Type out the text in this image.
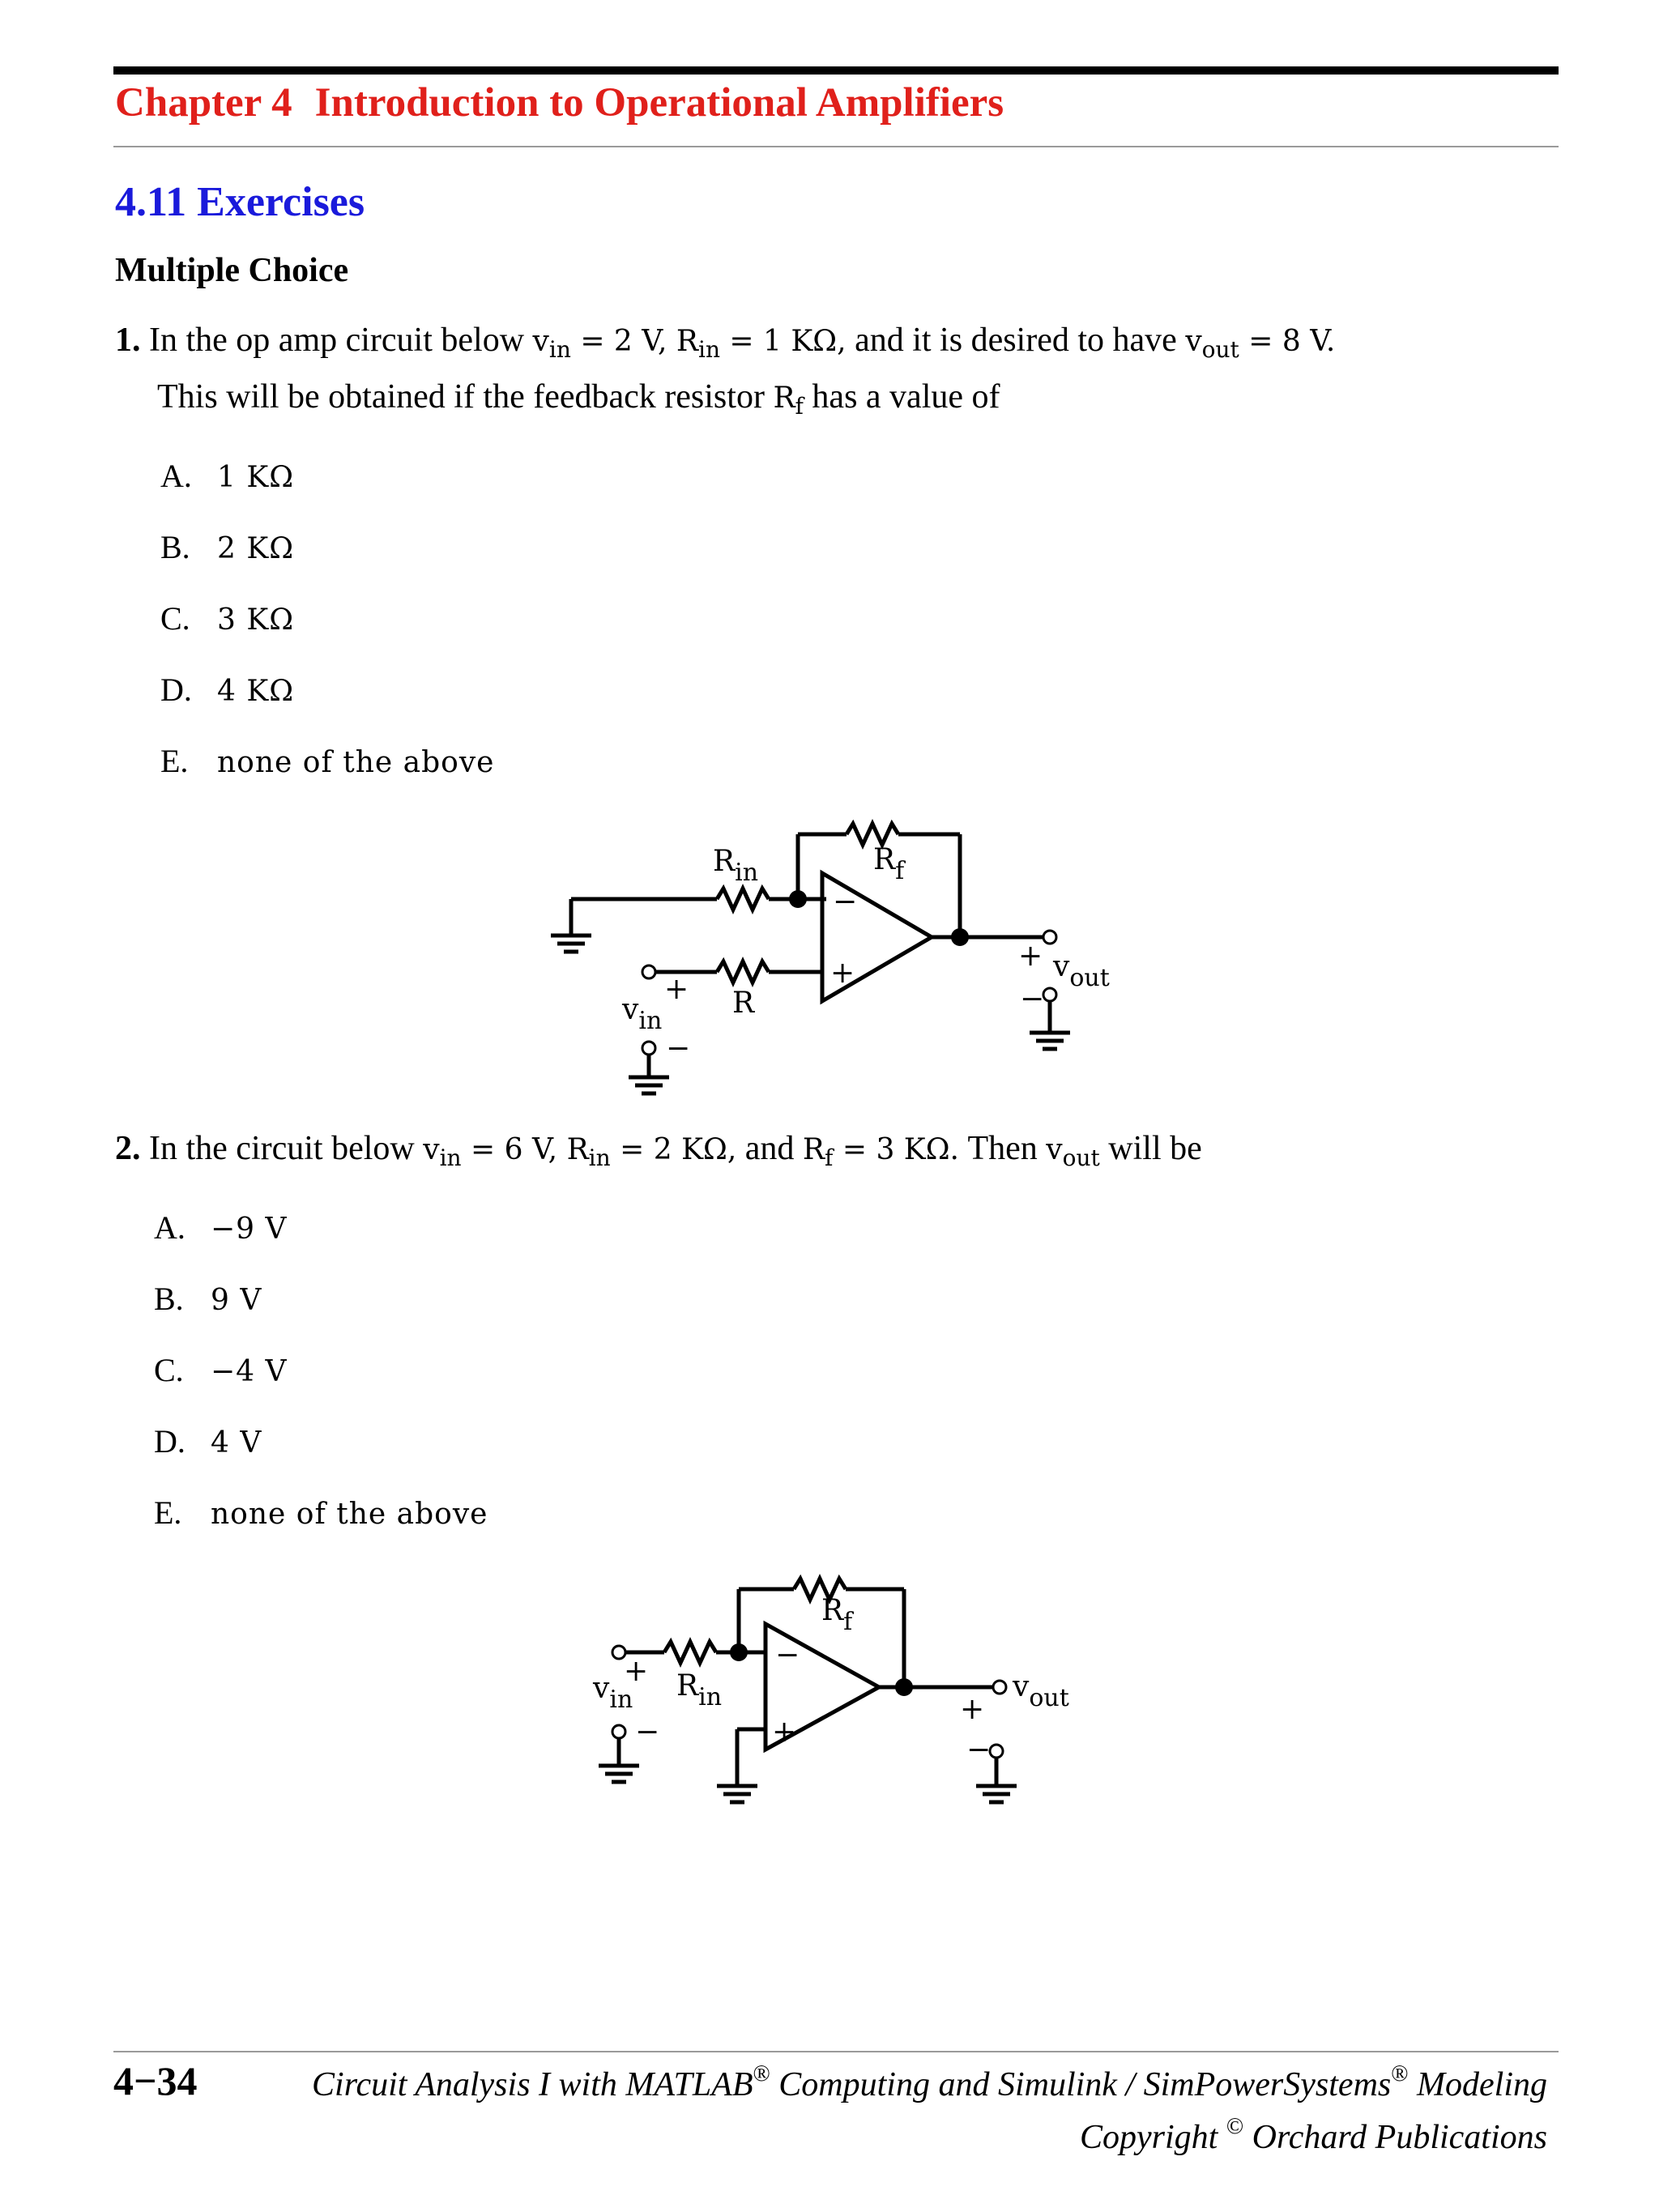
Chapter 4 Introduction to Operational Amplifiers
4.11 Exercises
Multiple Choice
1. In the op amp circuit below $v_{in} = 2$ V, $R_{in} = 1$ KΩ, and it is desired to have $v_{out} = 8$ V.
This will be obtained if the feedback resistor $R_f$ has a value of
A. 1 KΩ
B. 2 KΩ
C. 3 KΩ
D. 4 KΩ
E. none of the above
−
+
$R_{in}$	$R_f$
R
+
−
$v_{in}$
+
−
$v_{out}$
2. In the circuit below $v_{in} = 6$ V, $R_{in} = 2$ KΩ, and $R_f = 3$ KΩ. Then $v_{out}$ will be
A. −9 V
B. 9 V
C. −4 V
D. 4 V
E. none of the above
−
+
$R_{in}$
$R_f$
+
−
$v_{in}$	+
−
$v_{out}$
4−34	Circuit Analysis I with MATLAB® Computing and Simulink / SimPowerSystems® Modeling
Copyright © Orchard Publications
